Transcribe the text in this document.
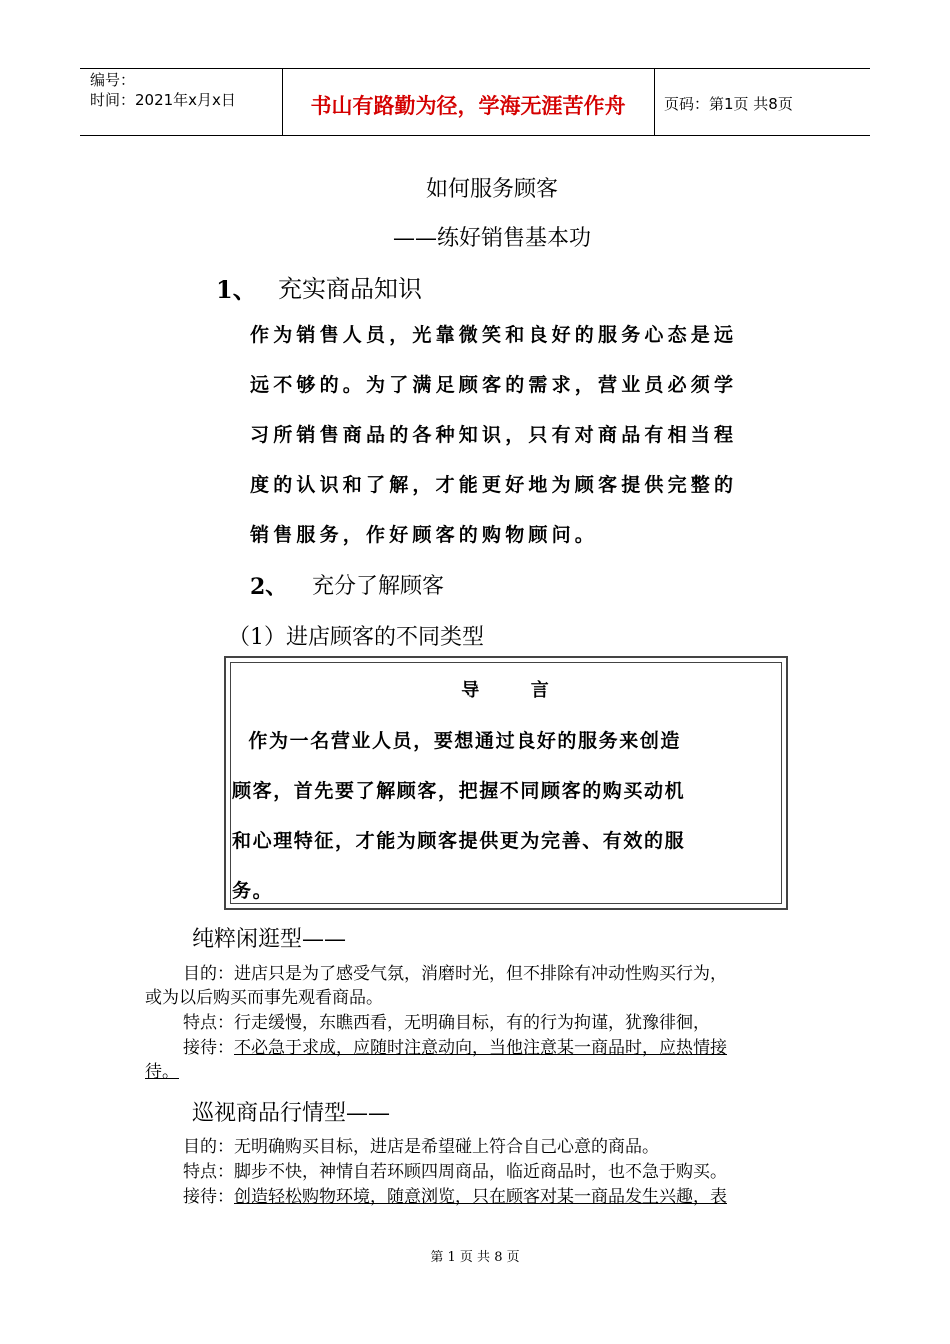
编号：
时间：2021年x月x日	书山有路勤为径，学海无涯苦作舟	页码：第1页 共8页
如何服务顾客
——练好销售基本功
1、 充实商品知识
作为销售人员，光靠微笑和良好的服务心态是远
远不够的。为了满足顾客的需求，营业员必须学
习所销售商品的各种知识，只有对商品有相当程
度的认识和了解，才能更好地为顾客提供完整的
销售服务，作好顾客的购物顾问。
2、 充分了解顾客
（1）进店顾客的不同类型
导      言
作为一名营业人员，要想通过良好的服务来创造
顾客，首先要了解顾客，把握不同顾客的购买动机
和心理特征，才能为顾客提供更为完善、有效的服
务。
纯粹闲逛型——
目的：进店只是为了感受气氛，消磨时光，但不排除有冲动性购买行为，
或为以后购买而事先观看商品。
特点：行走缓慢，东瞧西看，无明确目标，有的行为拘谨，犹豫徘徊，
接待：不必急于求成，应随时注意动向，当他注意某一商品时，应热情接
待。
巡视商品行情型——
目的：无明确购买目标，进店是希望碰上符合自己心意的商品。
特点：脚步不快，神情自若环顾四周商品，临近商品时，也不急于购买。
接待：创造轻松购物环境，随意浏览，只在顾客对某一商品发生兴趣，表
第 1 页 共 8 页
